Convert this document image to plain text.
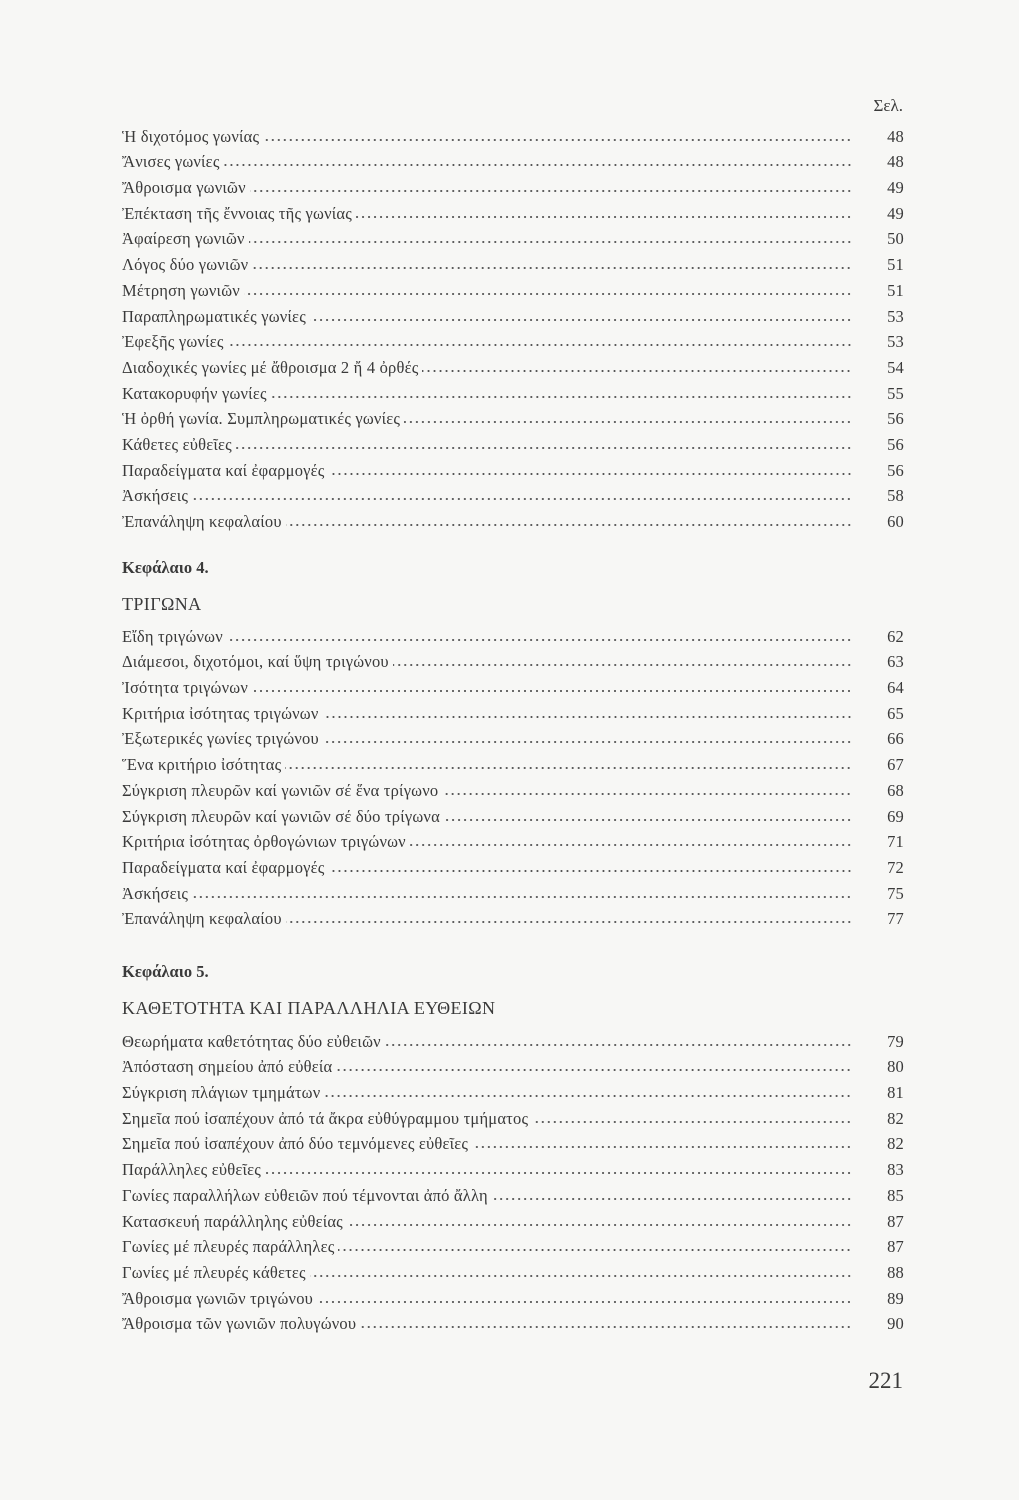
Σελ.
Ἡ διχοτόμος γωνίας	48
Ἄνισες γωνίες	48
Ἄθροισμα γωνιῶν	49
Ἐπέκταση τῆς ἔννοιας τῆς γωνίας	49
Ἀφαίρεση γωνιῶν	50
Λόγος δύο γωνιῶν	51
Μέτρηση γωνιῶν	51
Παραπληρωματικές γωνίες	53
Ἐφεξῆς γωνίες	53
Διαδοχικές γωνίες μέ ἄθροισμα 2 ἤ 4 ὀρθές	54
Κατακορυφήν γωνίες	55
Ἡ ὀρθή γωνία. Συμπληρωματικές γωνίες	56
Κάθετες εὐθεῖες	56
Παραδείγματα καί ἐφαρμογές	56
Ἀσκήσεις	58
Ἐπανάληψη κεφαλαίου	60
Κεφάλαιο 4.
ΤΡΙΓΩΝΑ
Εἴδη τριγώνων	62
Διάμεσοι, διχοτόμοι, καί ὕψη τριγώνου	63
Ἰσότητα τριγώνων	64
Κριτήρια ἰσότητας τριγώνων	65
Ἐξωτερικές γωνίες τριγώνου	66
Ἕνα κριτήριο ἰσότητας	67
Σύγκριση πλευρῶν καί γωνιῶν σέ ἕνα τρίγωνο	68
Σύγκριση πλευρῶν καί γωνιῶν σέ δύο τρίγωνα	69
Κριτήρια ἰσότητας ὀρθογώνιων τριγώνων	71
Παραδείγματα καί ἐφαρμογές	72
Ἀσκήσεις	75
Ἐπανάληψη κεφαλαίου	77
Κεφάλαιο 5.
ΚΑΘΕΤΟΤΗΤΑ ΚΑΙ ΠΑΡΑΛΛΗΛΙΑ ΕΥΘΕΙΩΝ
Θεωρήματα καθετότητας δύο εὐθειῶν	79
Ἀπόσταση σημείου ἀπό εὐθεία	80
Σύγκριση πλάγιων τμημάτων	81
Σημεῖα πού ἰσαπέχουν ἀπό τά ἄκρα εὐθύγραμμου τμήματος	82
Σημεῖα πού ἰσαπέχουν ἀπό δύο τεμνόμενες εὐθεῖες	82
Παράλληλες εὐθεῖες	83
Γωνίες παραλλήλων εὐθειῶν πού τέμνονται ἀπό ἄλλη	85
Κατασκευή παράλληλης εὐθείας	87
Γωνίες μέ πλευρές παράλληλες	87
Γωνίες μέ πλευρές κάθετες	88
Ἄθροισμα γωνιῶν τριγώνου	89
Ἄθροισμα τῶν γωνιῶν πολυγώνου	90
221
